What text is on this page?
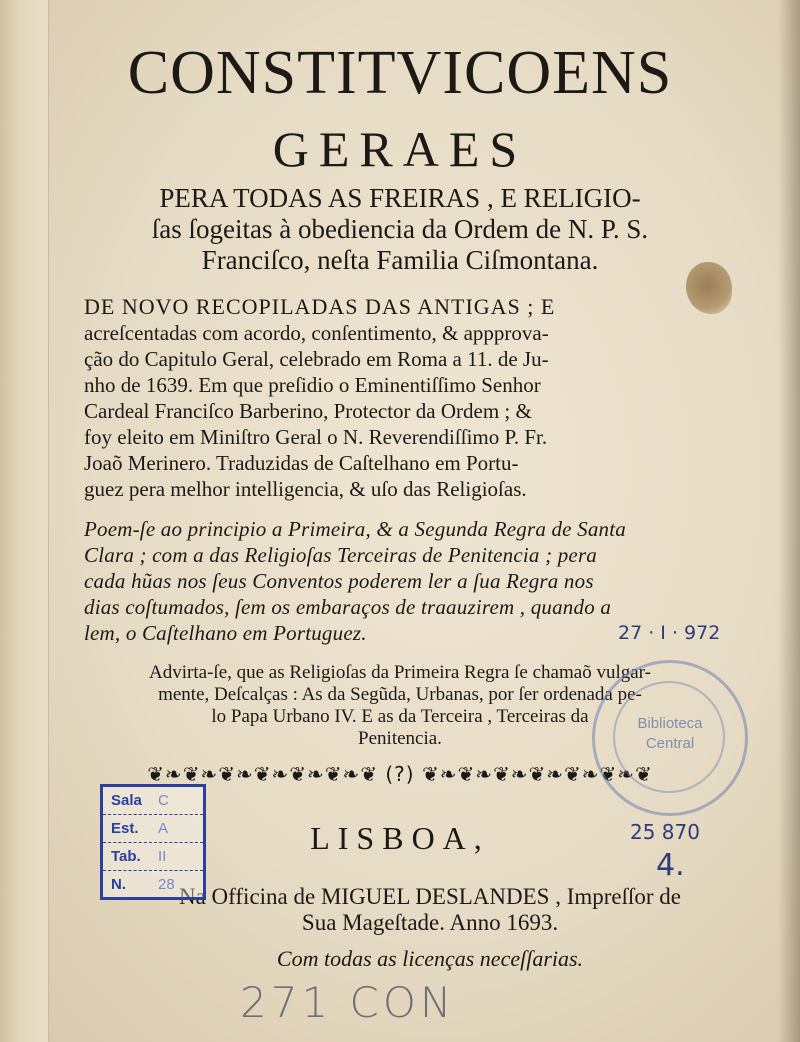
CONSTITVICOENS
GERAES
PERA TODAS AS FREIRAS , E RELIGIO-
ſas ſogeitas à obediencia da Ordem de N. P. S.
Franciſco, neſta Familia Ciſmontana.
DE NOVO RECOPILADAS DAS ANTIGAS ; E
acreſcentadas com acordo, conſentimento, & appprova-
ção do Capitulo Geral, celebrado em Roma a 11. de Ju-
nho de 1639. Em que preſidio o Eminentiſſimo Senhor
Cardeal Franciſco Barberino, Protector da Ordem ; &
foy eleito em Miniſtro Geral o N. Reverendiſſimo P. Fr.
Joaõ Merinero. Traduzidas de Caſtelhano em Portu-
guez pera melhor intelligencia, & uſo das Religioſas.
Poem-ſe ao principio a Primeira, & a Segunda Regra de Santa
Clara ; com a das Religioſas Terceiras de Penitencia ; pera
cada hũas nos ſeus Conventos poderem ler a ſua Regra nos
dias coſtumados, ſem os embaraços de traauzirem , quando a
lem, o Caſtelhano em Portuguez.
Advirta-ſe, que as Religioſas da Primeira Regra ſe chamaõ vulgar-
mente, Deſcalças : As da Segũda, Urbanas, por ſer ordenada pe-
lo Papa Urbano IV. E as da Terceira , Terceiras da
Penitencia.
❦❧❦❧❦❧❦❧❦❧❦❧❦ (?) ❦❧❦❧❦❧❦❧❦❧❦❧❦
LISBOA,
Na Officina de MIGUEL DESLANDES , Impreſſor de
Sua Mageſtade. Anno 1693.
Com todas as licenças neceſſarias.
27 · I · 972
25 870
4.
271 CON
Sala C
Est. A
Tab. II
N. 28
Biblioteca
Central
